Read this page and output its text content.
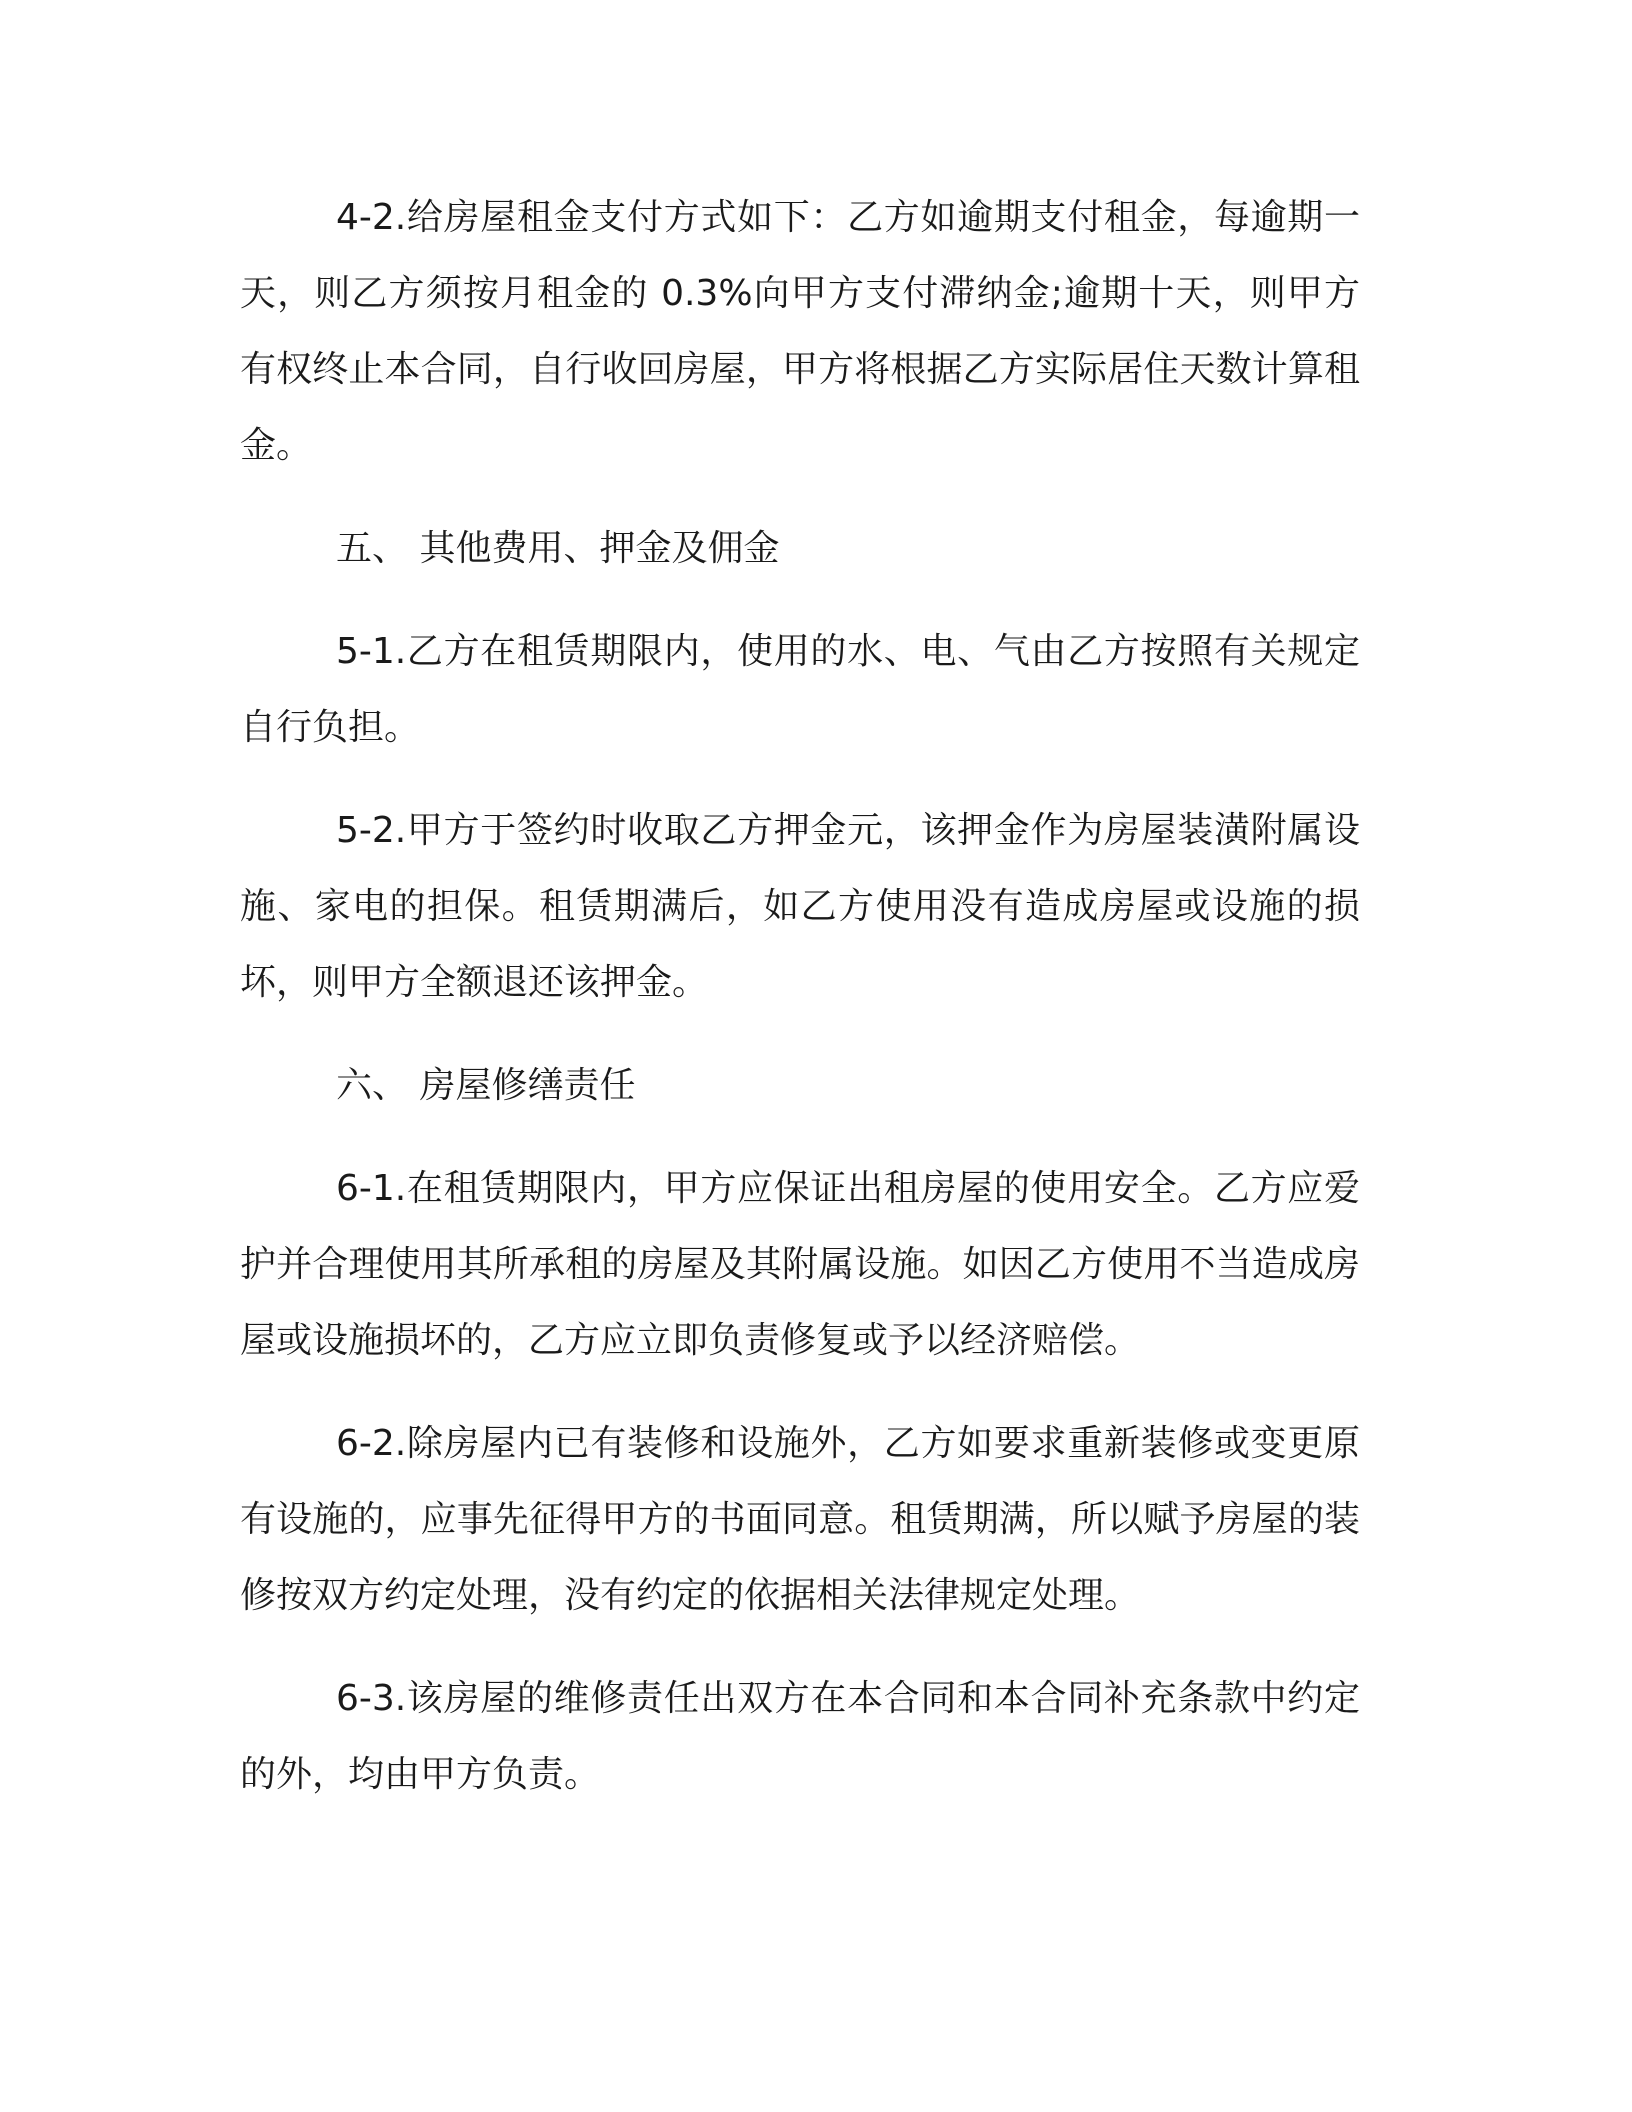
4-2.给房屋租金支付方式如下：乙方如逾期支付租金，每逾期一天，则乙方须按月租金的 0.3%向甲方支付滞纳金;逾期十天，则甲方有权终止本合同，自行收回房屋，甲方将根据乙方实际居住天数计算租金。

五、 其他费用、押金及佣金

5-1.乙方在租赁期限内，使用的水、电、气由乙方按照有关规定自行负担。

5-2.甲方于签约时收取乙方押金元，该押金作为房屋装潢附属设施、家电的担保。租赁期满后，如乙方使用没有造成房屋或设施的损坏，则甲方全额退还该押金。

六、 房屋修缮责任

6-1.在租赁期限内，甲方应保证出租房屋的使用安全。乙方应爱护并合理使用其所承租的房屋及其附属设施。如因乙方使用不当造成房屋或设施损坏的，乙方应立即负责修复或予以经济赔偿。

6-2.除房屋内已有装修和设施外，乙方如要求重新装修或变更原有设施的，应事先征得甲方的书面同意。租赁期满，所以赋予房屋的装修按双方约定处理，没有约定的依据相关法律规定处理。

6-3.该房屋的维修责任出双方在本合同和本合同补充条款中约定的外，均由甲方负责。
